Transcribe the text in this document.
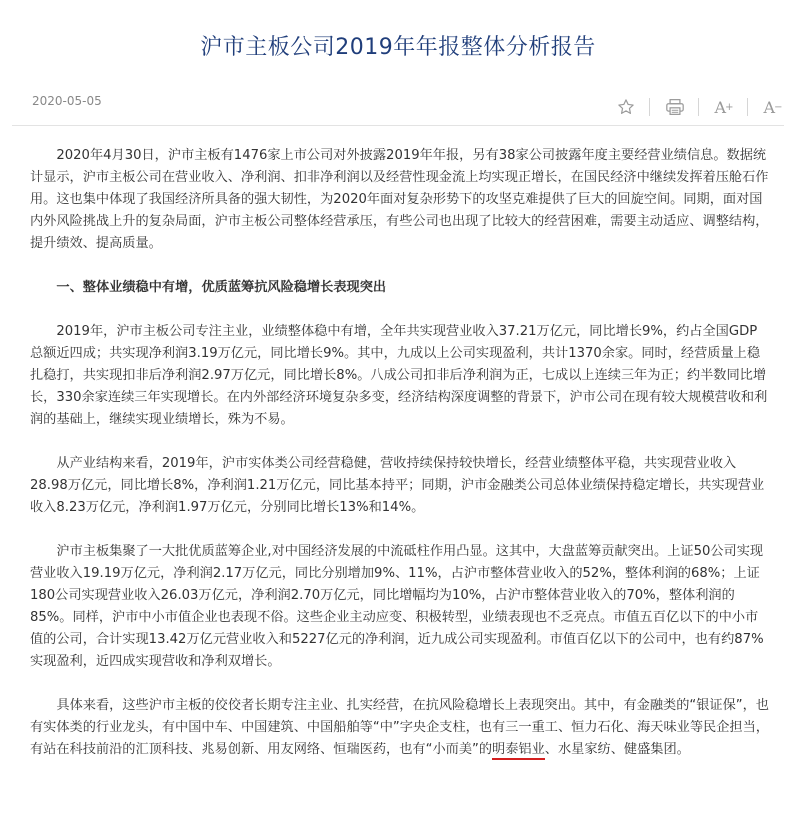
沪市主板公司2019年年报整体分析报告
2020-05-05	A + A −

2020年4月30日，沪市主板有1476家上市公司对外披露2019年年报，另有38家公司披露年度主要经营业绩信息。数据统计显示，沪市主板公司在营业收入、净利润、扣非净利润以及经营性现金流上均实现正增长，在国民经济中继续发挥着压舱石作用。这也集中体现了我国经济所具备的强大韧性，为2020年面对复杂形势下的攻坚克难提供了巨大的回旋空间。同期，面对国内外风险挑战上升的复杂局面，沪市主板公司整体经营承压，有些公司也出现了比较大的经营困难，需要主动适应、调整结构，提升绩效、提高质量。

一、整体业绩稳中有增，优质蓝筹抗风险稳增长表现突出

2019年，沪市主板公司专注主业，业绩整体稳中有增，全年共实现营业收入37.21万亿元，同比增长9%，约占全国GDP总额近四成；共实现净利润3.19万亿元，同比增长9%。其中，九成以上公司实现盈利，共计1370余家。同时，经营质量上稳扎稳打，共实现扣非后净利润2.97万亿元，同比增长8%。八成公司扣非后净利润为正，七成以上连续三年为正；约半数同比增长，330余家连续三年实现增长。在内外部经济环境复杂多变，经济结构深度调整的背景下，沪市公司在现有较大规模营收和利润的基础上，继续实现业绩增长，殊为不易。

从产业结构来看，2019年，沪市实体类公司经营稳健，营收持续保持较快增长，经营业绩整体平稳，共实现营业收入28.98万亿元，同比增长8%，净利润1.21万亿元，同比基本持平；同期，沪市金融类公司总体业绩保持稳定增长，共实现营业收入8.23万亿元，净利润1.97万亿元，分别同比增长13%和14%。

沪市主板集聚了一大批优质蓝筹企业,对中国经济发展的中流砥柱作用凸显。这其中，大盘蓝筹贡献突出。上证50公司实现营业收入19.19万亿元，净利润2.17万亿元，同比分别增加9%、11%，占沪市整体营业收入的52%，整体利润的68%；上证180公司实现营业收入26.03万亿元，净利润2.70万亿元，同比增幅均为10%，占沪市整体营业收入的70%，整体利润的85%。同样，沪市中小市值企业也表现不俗。这些企业主动应变、积极转型，业绩表现也不乏亮点。市值五百亿以下的中小市值的公司，合计实现13.42万亿元营业收入和5227亿元的净利润，近九成公司实现盈利。市值百亿以下的公司中，也有约87%实现盈利，近四成实现营收和净利双增长。

具体来看，这些沪市主板的佼佼者长期专注主业、扎实经营，在抗风险稳增长上表现突出。其中，有金融类的“银证保”，也有实体类的行业龙头，有中国中车、中国建筑、中国船舶等“中”字央企支柱，也有三一重工、恒力石化、海天味业等民企担当，有站在科技前沿的汇顶科技、兆易创新、用友网络、恒瑞医药，也有“小而美”的明泰铝业、水星家纺、健盛集团。
